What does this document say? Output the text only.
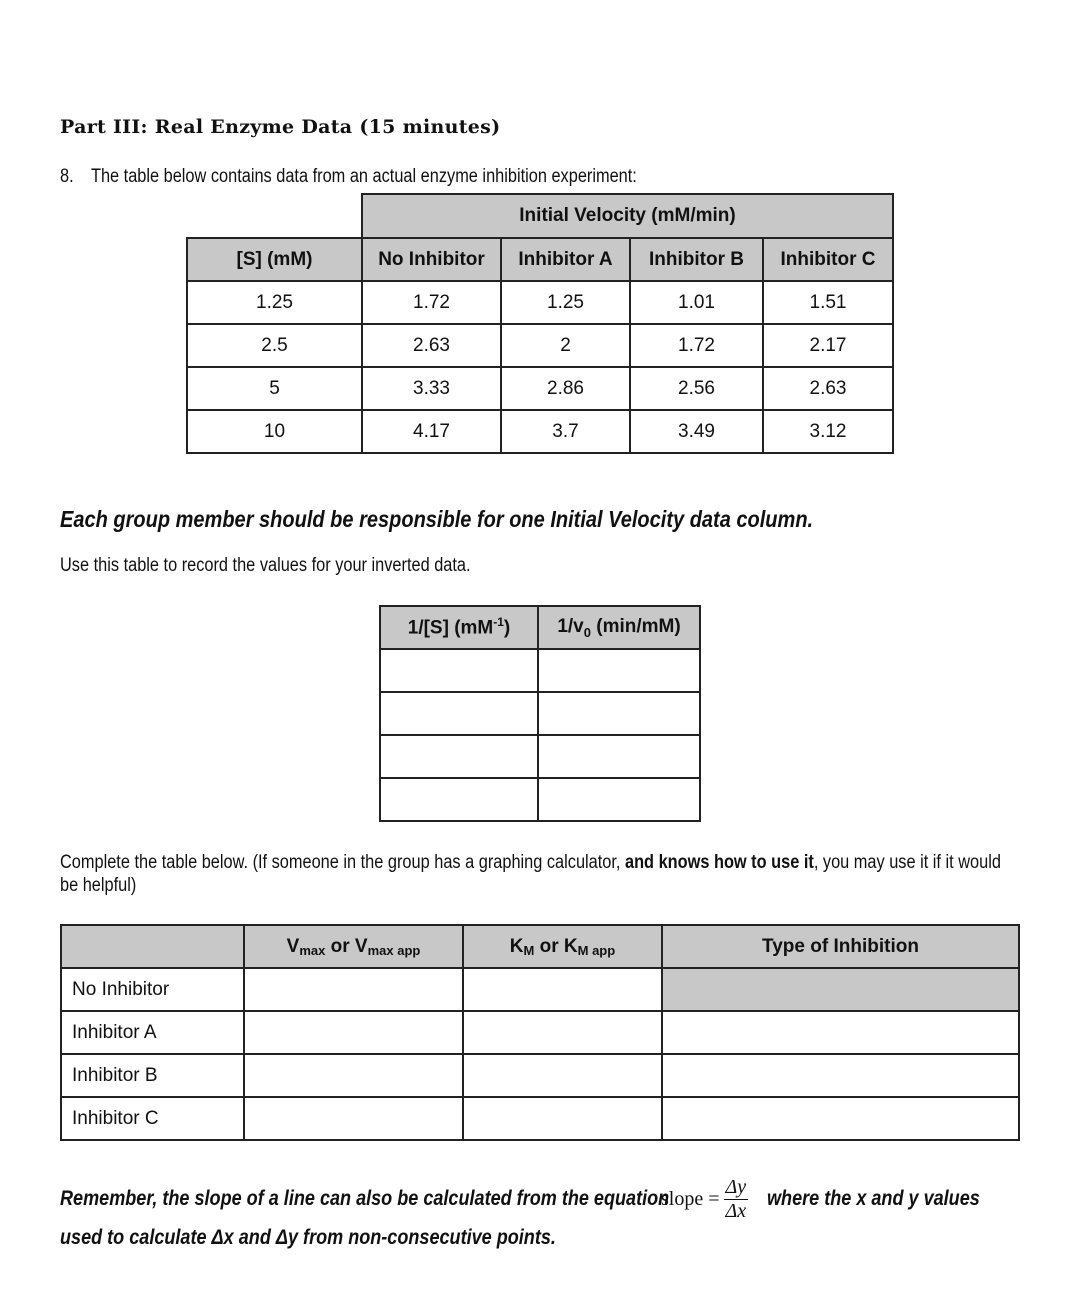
Part III: Real Enzyme Data (15 minutes)
8. The table below contains data from an actual enzyme inhibition experiment:
	Initial Velocity (mM/min)			
[S] (mM)	No Inhibitor	Inhibitor A	Inhibitor B	Inhibitor C
1.25	1.72	1.25	1.01	1.51
2.5	2.63	2	1.72	2.17
5	3.33	2.86	2.56	2.63
10	4.17	3.7	3.49	3.12
Each group member should be responsible for one Initial Velocity data column.
Use this table to record the values for your inverted data.
1/[S] $(mM^{-1})$	$1/v_0$ (min/mM)

Complete the table below. (If someone in the group has a graphing calculator, and knows how to use it, you may use it if it would be helpful)
	$V_{max}$ or $V_{max app}$	$K_M$ or $K_{M app}$	Type of Inhibition
No Inhibitor			
Inhibitor A			
Inhibitor B			
Inhibitor C			
Remember, the slope of a line can also be calculated from the equation
slope = $\frac{\Delta y}{\Delta x}$ where the x and y values
used to calculate Δx and Δy from non-consecutive points.
